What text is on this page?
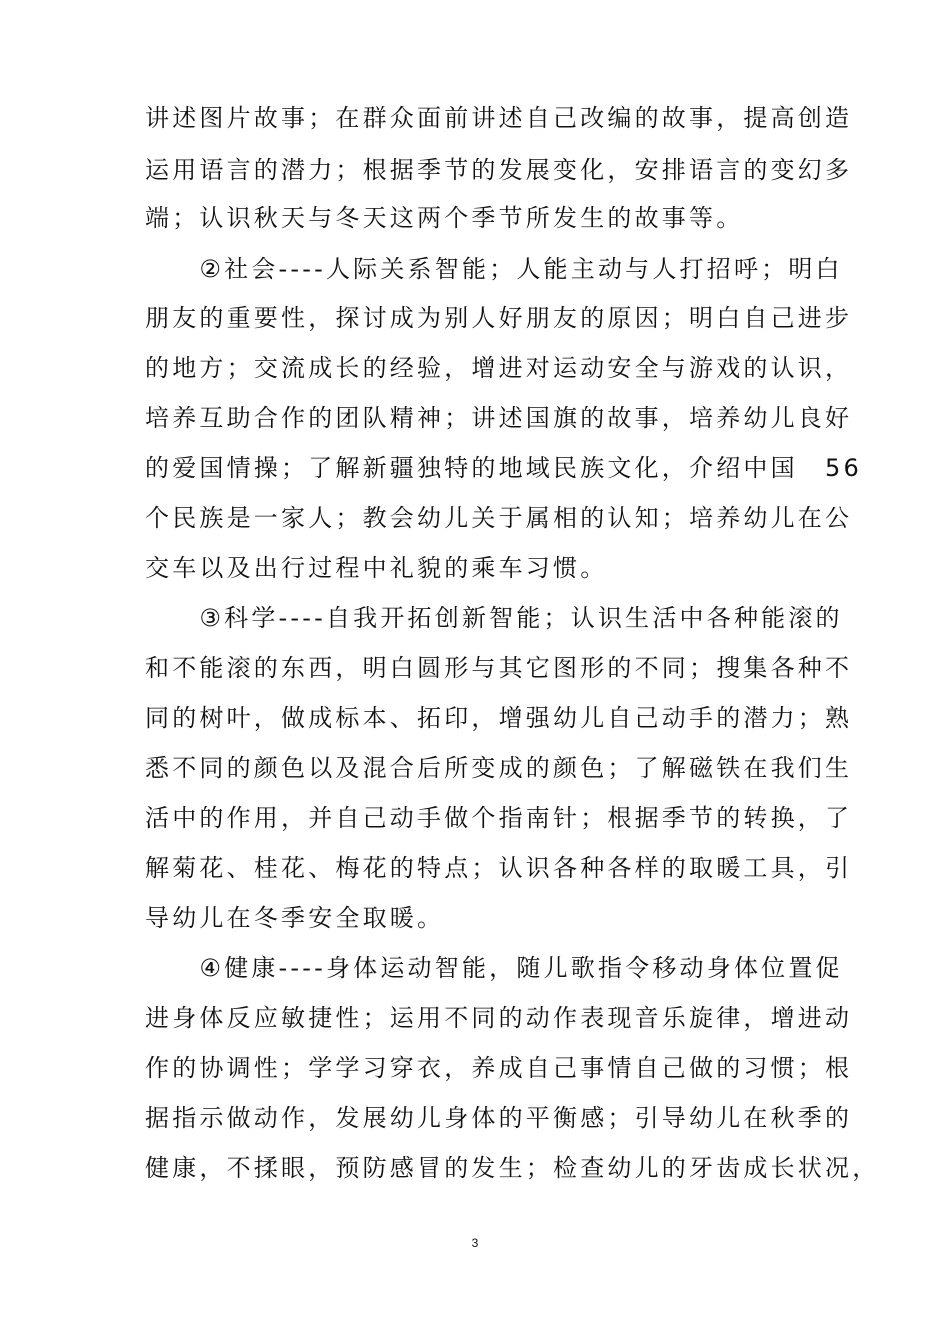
讲述图片故事；在群众面前讲述自己改编的故事，提高创造
运用语言的潜力；根据季节的发展变化，安排语言的变幻多
端；认识秋天与冬天这两个季节所发生的故事等。
　　②社会----人际关系智能；人能主动与人打招呼；明白
朋友的重要性，探讨成为别人好朋友的原因；明白自己进步
的地方；交流成长的经验，增进对运动安全与游戏的认识，
培养互助合作的团队精神；讲述国旗的故事，培养幼儿良好
的爱国情操；了解新疆独特的地域民族文化，介绍中国　56
个民族是一家人；教会幼儿关于属相的认知；培养幼儿在公
交车以及出行过程中礼貌的乘车习惯。
　　③科学----自我开拓创新智能；认识生活中各种能滚的
和不能滚的东西，明白圆形与其它图形的不同；搜集各种不
同的树叶，做成标本、拓印，增强幼儿自己动手的潜力；熟
悉不同的颜色以及混合后所变成的颜色；了解磁铁在我们生
活中的作用，并自己动手做个指南针；根据季节的转换，了
解菊花、桂花、梅花的特点；认识各种各样的取暖工具，引
导幼儿在冬季安全取暖。
　　④健康----身体运动智能，随儿歌指令移动身体位置促
进身体反应敏捷性；运用不同的动作表现音乐旋律，增进动
作的协调性；学学习穿衣，养成自己事情自己做的习惯；根
据指示做动作，发展幼儿身体的平衡感；引导幼儿在秋季的
健康，不揉眼，预防感冒的发生；检查幼儿的牙齿成长状况，
3
